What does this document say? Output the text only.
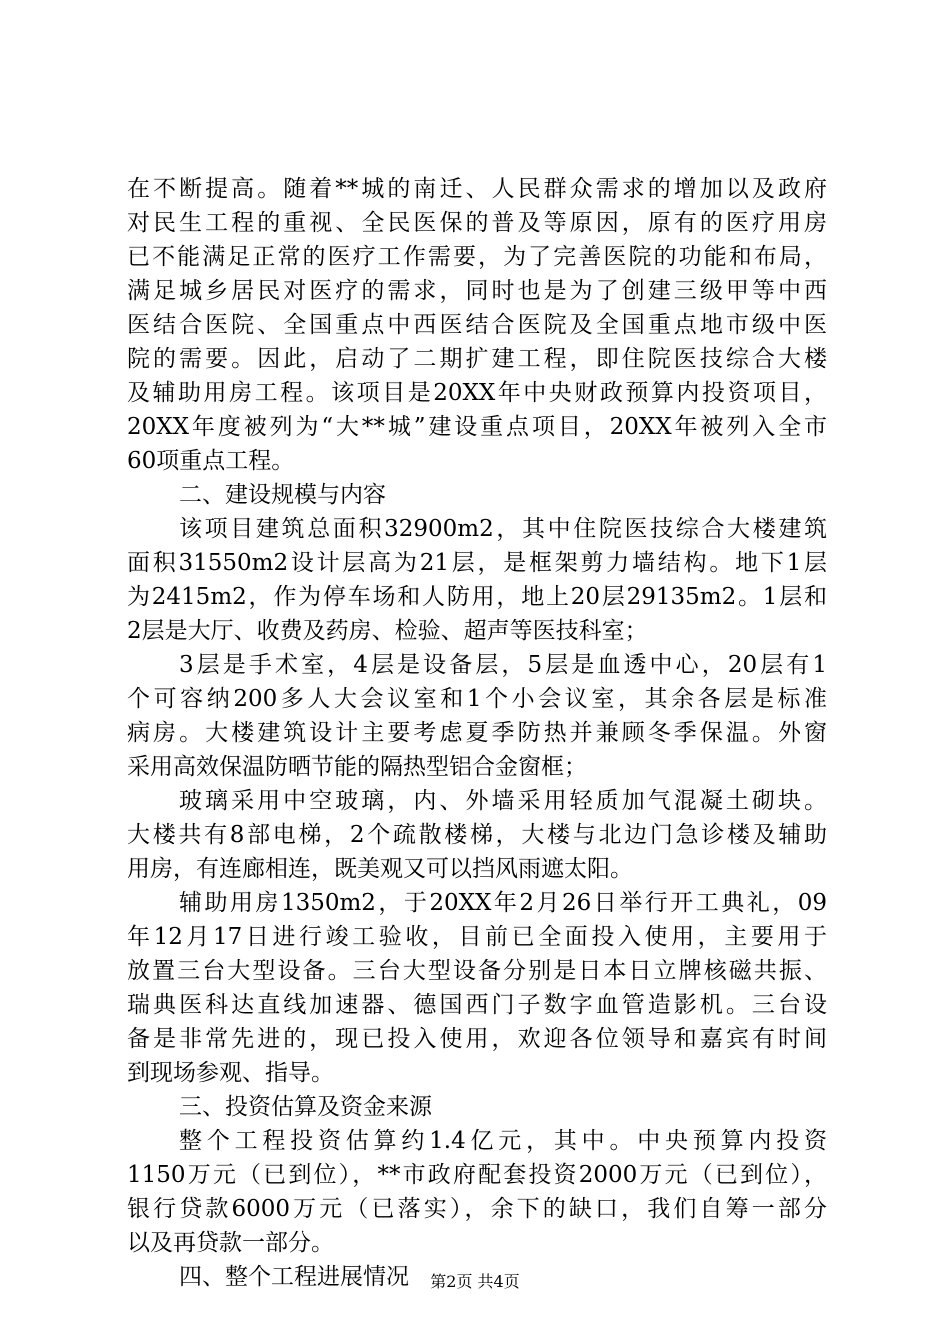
在不断提高。随着**城的南迁、人民群众需求的增加以及政府
对民生工程的重视、全民医保的普及等原因，原有的医疗用房
已不能满足正常的医疗工作需要，为了完善医院的功能和布局，
满足城乡居民对医疗的需求，同时也是为了创建三级甲等中西
医结合医院、全国重点中西医结合医院及全国重点地市级中医
院的需要。因此，启动了二期扩建工程，即住院医技综合大楼
及辅助用房工程。该项目是20XX年中央财政预算内投资项目，
20XX年度被列为“大**城”建设重点项目，20XX年被列入全市
60项重点工程。
二、建设规模与内容
该项目建筑总面积32900m2，其中住院医技综合大楼建筑
面积31550m2设计层高为21层，是框架剪力墙结构。地下1层
为2415m2，作为停车场和人防用，地上20层29135m2。1层和
2层是大厅、收费及药房、检验、超声等医技科室；
3层是手术室，4层是设备层，5层是血透中心，20层有1
个可容纳200多人大会议室和1个小会议室，其余各层是标准
病房。大楼建筑设计主要考虑夏季防热并兼顾冬季保温。外窗
采用高效保温防晒节能的隔热型铝合金窗框；
玻璃采用中空玻璃，内、外墙采用轻质加气混凝土砌块。
大楼共有8部电梯，2个疏散楼梯，大楼与北边门急诊楼及辅助
用房，有连廊相连，既美观又可以挡风雨遮太阳。
辅助用房1350m2，于20XX年2月26日举行开工典礼，09
年12月17日进行竣工验收，目前已全面投入使用，主要用于
放置三台大型设备。三台大型设备分别是日本日立牌核磁共振、
瑞典医科达直线加速器、德国西门子数字血管造影机。三台设
备是非常先进的，现已投入使用，欢迎各位领导和嘉宾有时间
到现场参观、指导。
三、投资估算及资金来源
整个工程投资估算约1.4亿元，其中。中央预算内投资
1150万元（已到位），**市政府配套投资2000万元（已到位），
银行贷款6000万元（已落实），余下的缺口，我们自筹一部分
以及再贷款一部分。
四、整个工程进展情况	第2页 共4页
